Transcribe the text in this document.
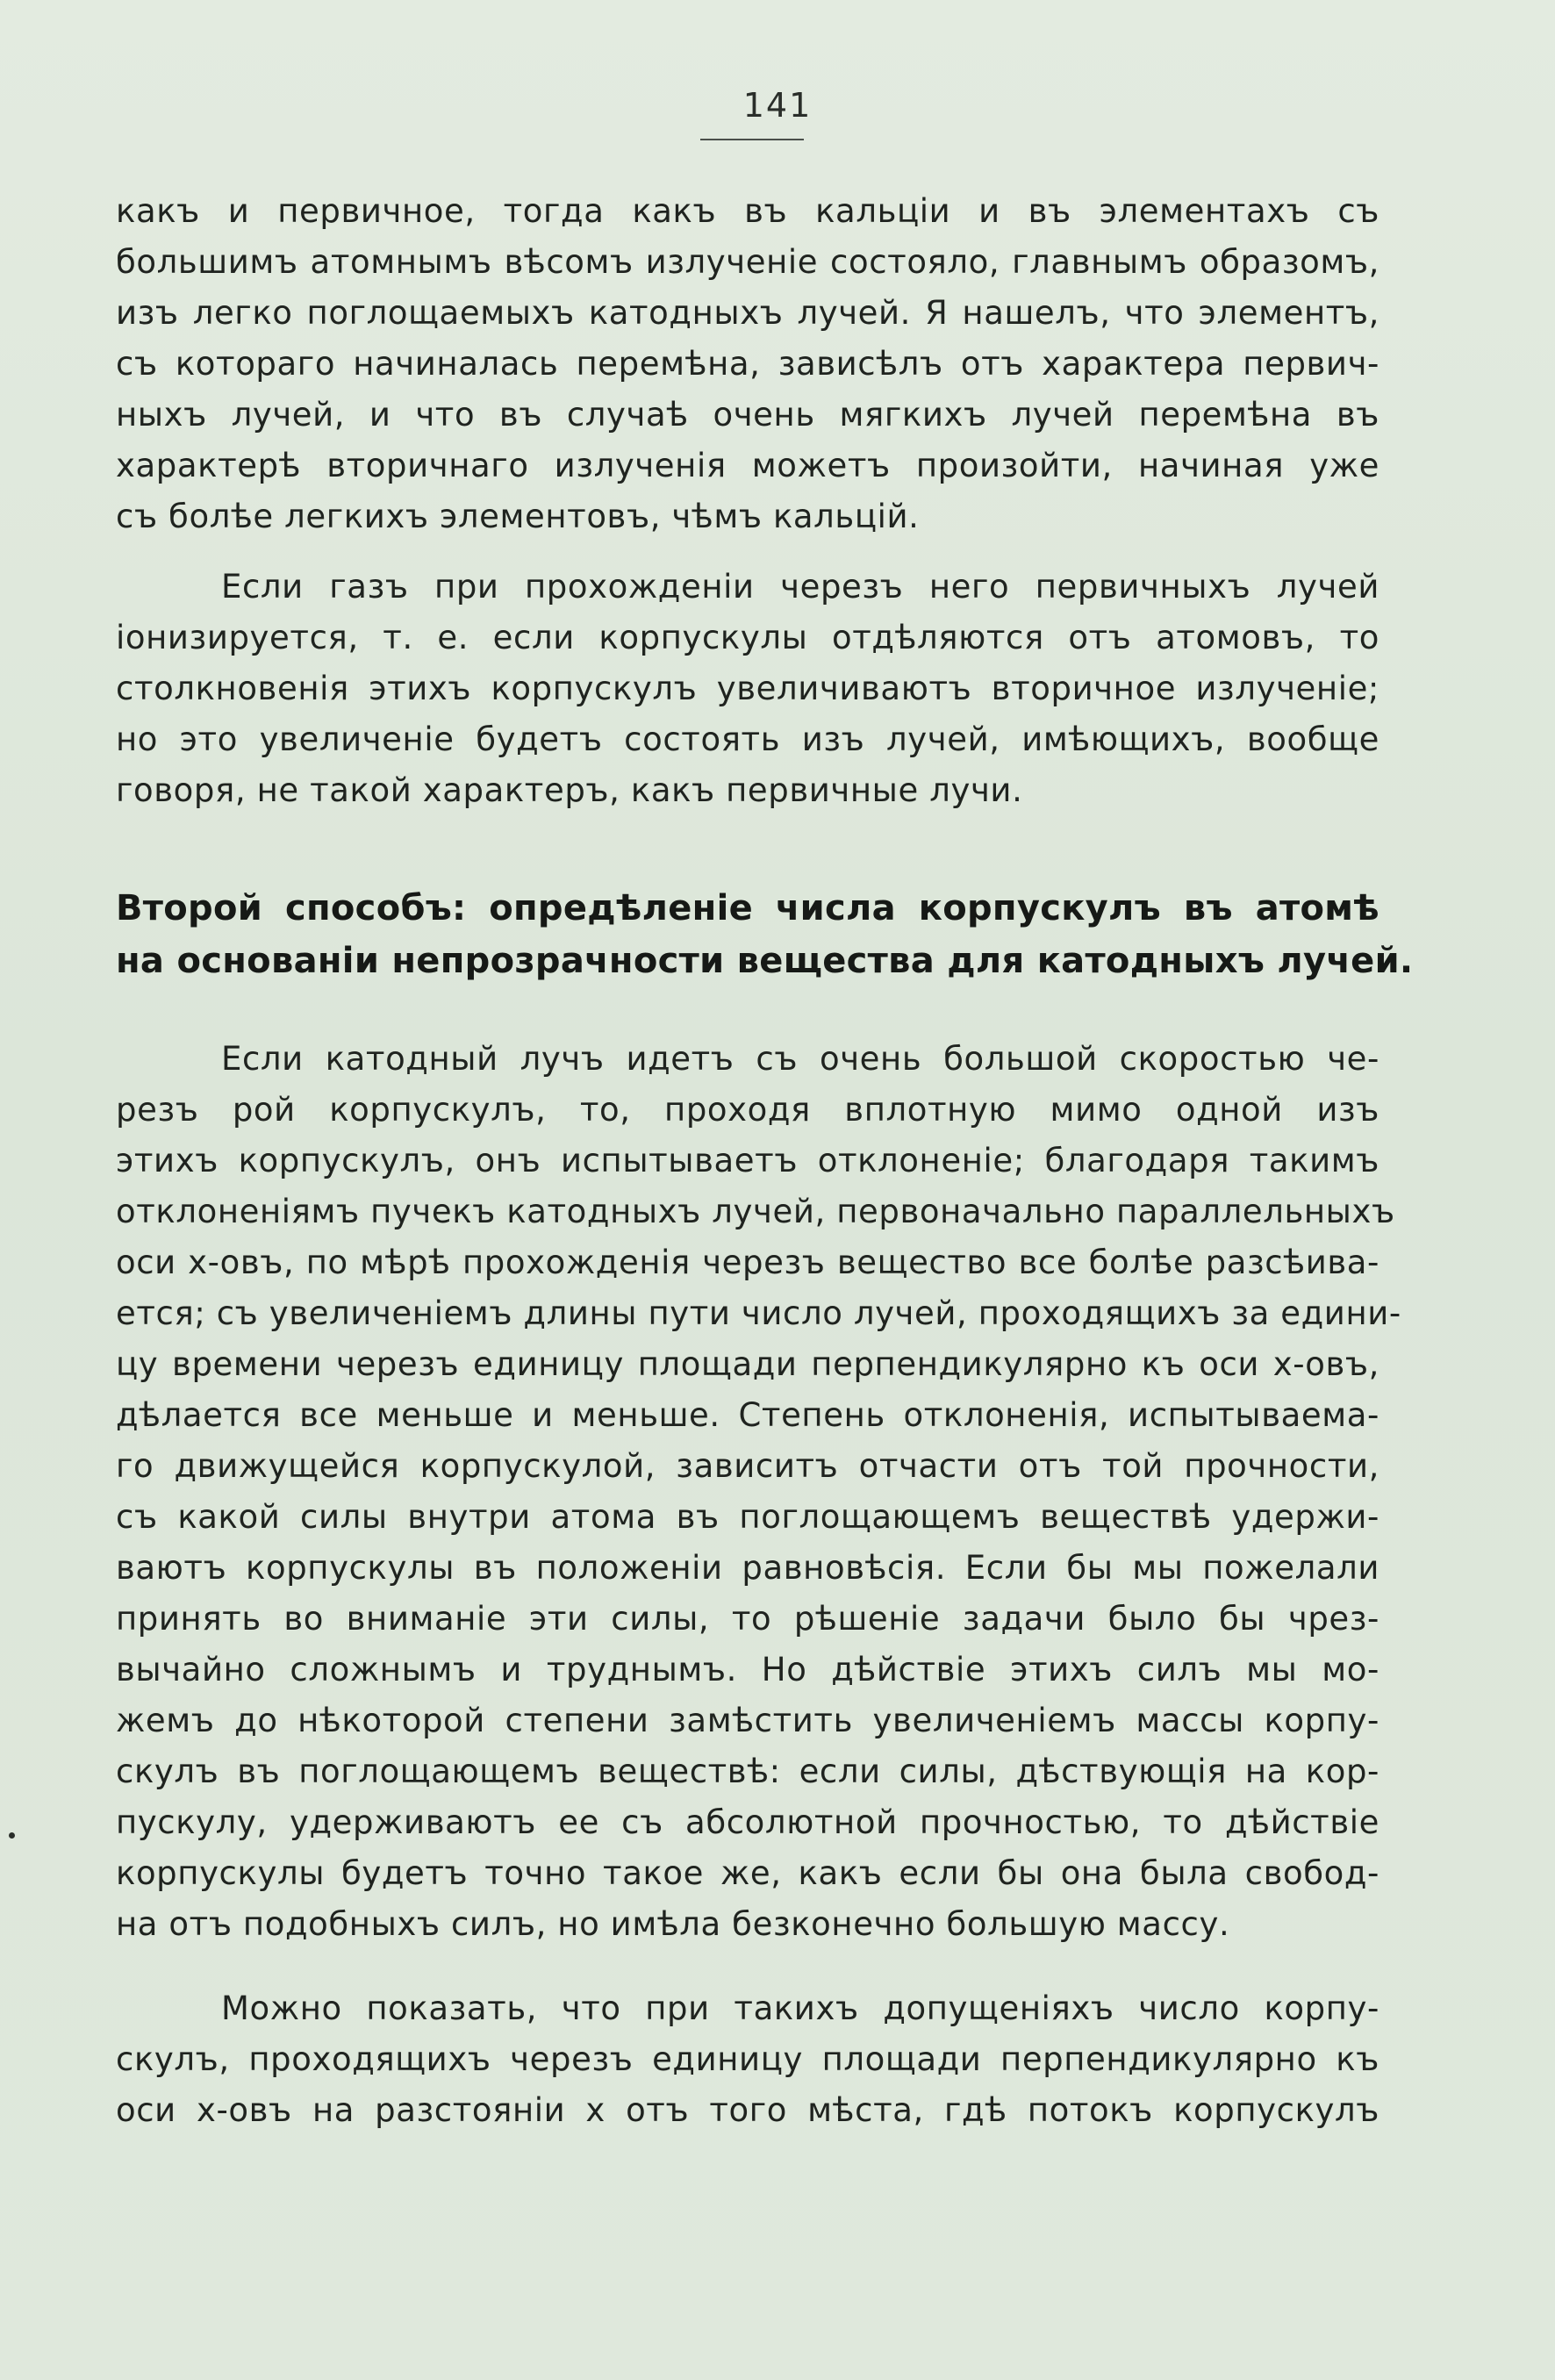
141
какъ и первичное, тогда какъ въ кальціи и въ элементахъ съ
большимъ атомнымъ вѣсомъ излученіе состояло, главнымъ образомъ,
изъ легко поглощаемыхъ катодныхъ лучей. Я нашелъ, что элементъ,
съ котораго начиналась перемѣна, зависѣлъ отъ характера первич-
ныхъ лучей, и что въ случаѣ очень мягкихъ лучей перемѣна въ
характерѣ вторичнаго излученія можетъ произойти, начиная уже
съ болѣе легкихъ элементовъ, чѣмъ кальцій.
Если газъ при прохожденіи черезъ него первичныхъ лучей
іонизируется, т. е. если корпускулы отдѣляются отъ атомовъ, то
столкновенія этихъ корпускулъ увеличиваютъ вторичное излученіе;
но это увеличеніе будетъ состоять изъ лучей, имѣющихъ, вообще
говоря, не такой характеръ, какъ первичные лучи.
Второй способъ: опредѣленіе числа корпускулъ въ атомѣ
на основаніи непрозрачности вещества для катодныхъ лучей.
Если катодный лучъ идетъ съ очень большой скоростью че-
резъ рой корпускулъ, то, проходя вплотную мимо одной изъ
этихъ корпускулъ, онъ испытываетъ отклоненіе; благодаря такимъ
отклоненіямъ пучекъ катодныхъ лучей, первоначально параллельныхъ
оси x-овъ, по мѣрѣ прохожденія черезъ вещество все болѣе разсѣива-
ется; съ увеличеніемъ длины пути число лучей, проходящихъ за едини-
цу времени черезъ единицу площади перпендикулярно къ оси x-овъ,
дѣлается все меньше и меньше. Степень отклоненія, испытываема-
го движущейся корпускулой, зависитъ отчасти отъ той прочности,
съ какой силы внутри атома въ поглощающемъ веществѣ удержи-
ваютъ корпускулы въ положеніи равновѣсія. Если бы мы пожелали
принять во вниманіе эти силы, то рѣшеніе задачи было бы чрез-
вычайно сложнымъ и труднымъ. Но дѣйствіе этихъ силъ мы мо-
жемъ до нѣкоторой степени замѣстить увеличеніемъ массы корпу-
скулъ въ поглощающемъ веществѣ: если силы, дѣствующія на кор-
пускулу, удерживаютъ ее съ абсолютной прочностью, то дѣйствіе
корпускулы будетъ точно такое же, какъ если бы она была свобод-
на отъ подобныхъ силъ, но имѣла безконечно большую массу.
Можно показать, что при такихъ допущеніяхъ число корпу-
скулъ, проходящихъ черезъ единицу площади перпендикулярно къ
оси x-овъ на разстояніи x отъ того мѣста, гдѣ потокъ корпускулъ
